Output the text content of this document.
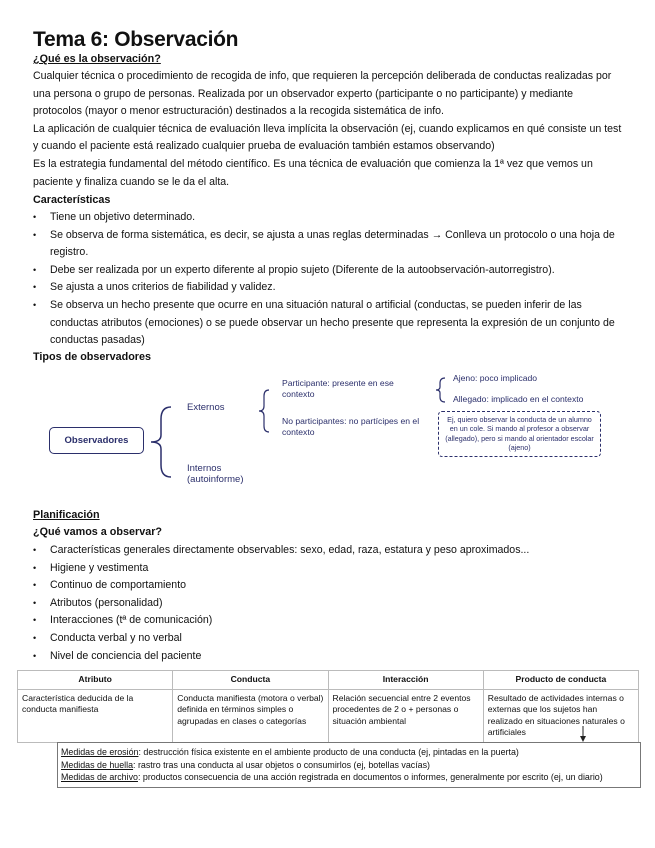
Tema 6: Observación
¿Qué es la observación?
Cualquier técnica o procedimiento de recogida de info, que requieren la percepción deliberada de conductas realizadas por una persona o grupo de personas. Realizada por un observador experto (participante o no participante) y mediante protocolos (mayor o menor estructuración) destinados a la recogida sistemática de info.
La aplicación de cualquier técnica de evaluación lleva implícita la observación (ej, cuando explicamos en qué consiste un test y cuando el paciente está realizado cualquier prueba de evaluación también estamos observando)
Es la estrategia fundamental del método científico. Es una técnica de evaluación que comienza la 1ª vez que vemos un paciente y finaliza cuando se le da el alta.
Características
• Tiene un objetivo determinado.
• Se observa de forma sistemática, es decir, se ajusta a unas reglas determinadas → Conlleva un protocolo o una hoja de registro.
• Debe ser realizada por un experto diferente al propio sujeto (Diferente de la autoobservación-autorregistro).
• Se ajusta a unos criterios de fiabilidad y validez.
• Se observa un hecho presente que ocurre en una situación natural o artificial (conductas, se pueden inferir de las conductas atributos (emociones) o se puede observar un hecho presente que representa la expresión de un conjunto de conductas pasadas)
Tipos de observadores
Observadores
Externos
Internos (autoinforme)
Participante: presente en ese contexto
No participantes: no partícipes en el contexto
Ajeno: poco implicado
Allegado: implicado en el contexto
Ej, quiero observar la conducta de un alumno en un cole. Si mando al profesor a observar (allegado), pero si mando al orientador escolar (ajeno)
Planificación
¿Qué vamos a observar?
• Características generales directamente observables: sexo, edad, raza, estatura y peso aproximados...
• Higiene y vestimenta
• Continuo de comportamiento
• Atributos (personalidad)
• Interacciones (tª de comunicación)
• Conducta verbal y no verbal
• Nivel de conciencia del paciente
Atributo	Conducta	Interacción	Producto de conducta
Característica deducida de la conducta manifiesta	Conducta manifiesta (motora o verbal) definida en términos simples o agrupadas en clases o categorías	Relación secuencial entre 2 eventos procedentes de 2 o + personas o situación ambiental	Resultado de actividades internas o externas que los sujetos han realizado en situaciones naturales o artificiales
Medidas de erosión: destrucción física existente en el ambiente producto de una conducta (ej, pintadas en la puerta)
Medidas de huella: rastro tras una conducta al usar objetos o consumirlos (ej, botellas vacías)
Medidas de archivo: productos consecuencia de una acción registrada en documentos o informes, generalmente por escrito (ej, un diario)
